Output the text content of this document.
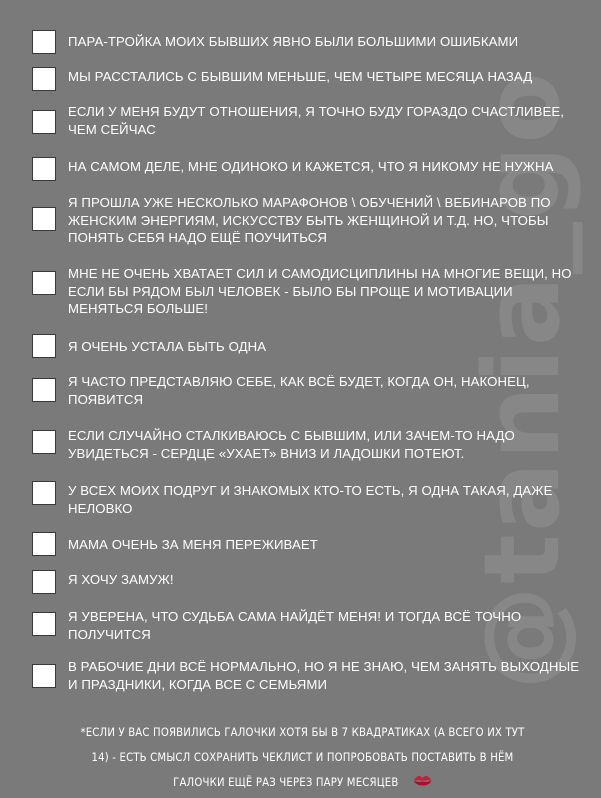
@tania_go
ПАРА-ТРОЙКА МОИХ БЫВШИХ ЯВНО БЫЛИ БОЛЬШИМИ ОШИБКАМИ
МЫ РАССТАЛИСЬ С БЫВШИМ МЕНЬШЕ, ЧЕМ ЧЕТЫРЕ МЕСЯЦА НАЗАД
ЕСЛИ У МЕНЯ БУДУТ ОТНОШЕНИЯ, Я ТОЧНО БУДУ ГОРАЗДО СЧАСТЛИВЕЕ, ЧЕМ СЕЙЧАС
НА САМОМ ДЕЛЕ, МНЕ ОДИНОКО И КАЖЕТСЯ, ЧТО Я НИКОМУ НЕ НУЖНА
Я ПРОШЛА УЖЕ НЕСКОЛЬКО МАРАФОНОВ \ ОБУЧЕНИЙ \ ВЕБИНАРОВ ПО ЖЕНСКИМ ЭНЕРГИЯМ, ИСКУССТВУ БЫТЬ ЖЕНЩИНОЙ И Т.Д. НО, ЧТОБЫ ПОНЯТЬ СЕБЯ НАДО ЕЩЁ ПОУЧИТЬСЯ
МНЕ НЕ ОЧЕНЬ ХВАТАЕТ СИЛ И САМОДИСЦИПЛИНЫ НА МНОГИЕ ВЕЩИ, НО ЕСЛИ БЫ РЯДОМ БЫЛ ЧЕЛОВЕК - БЫЛО БЫ ПРОЩЕ И МОТИВАЦИИ МЕНЯТЬСЯ БОЛЬШЕ!
Я ОЧЕНЬ УСТАЛА БЫТЬ ОДНА
Я ЧАСТО ПРЕДСТАВЛЯЮ СЕБЕ, КАК ВСЁ БУДЕТ, КОГДА ОН, НАКОНЕЦ, ПОЯВИТСЯ
ЕСЛИ СЛУЧАЙНО СТАЛКИВАЮСЬ С БЫВШИМ, ИЛИ ЗАЧЕМ-ТО НАДО УВИДЕТЬСЯ - СЕРДЦЕ «УХАЕТ» ВНИЗ И ЛАДОШКИ ПОТЕЮТ.
У ВСЕХ МОИХ ПОДРУГ И ЗНАКОМЫХ КТО-ТО ЕСТЬ, Я ОДНА ТАКАЯ, ДАЖЕ НЕЛОВКО
МАМА ОЧЕНЬ ЗА МЕНЯ ПЕРЕЖИВАЕТ
Я ХОЧУ ЗАМУЖ!
Я УВЕРЕНА, ЧТО СУДЬБА САМА НАЙДЁТ МЕНЯ! И ТОГДА ВСЁ ТОЧНО ПОЛУЧИТСЯ
В РАБОЧИЕ ДНИ ВСЁ НОРМАЛЬНО, НО Я НЕ ЗНАЮ, ЧЕМ ЗАНЯТЬ ВЫХОДНЫЕ И ПРАЗДНИКИ, КОГДА ВСЕ С СЕМЬЯМИ
*ЕСЛИ У ВАС ПОЯВИЛИСЬ ГАЛОЧКИ ХОТЯ БЫ В 7 КВАДРАТИКАХ (А ВСЕГО ИХ ТУТ 14) - ЕСТЬ СМЫСЛ СОХРАНИТЬ ЧЕКЛИСТ И ПОПРОБОВАТЬ ПОСТАВИТЬ В НЁМ ГАЛОЧКИ ЕЩЁ РАЗ ЧЕРЕЗ ПАРУ МЕСЯЦЕВ
